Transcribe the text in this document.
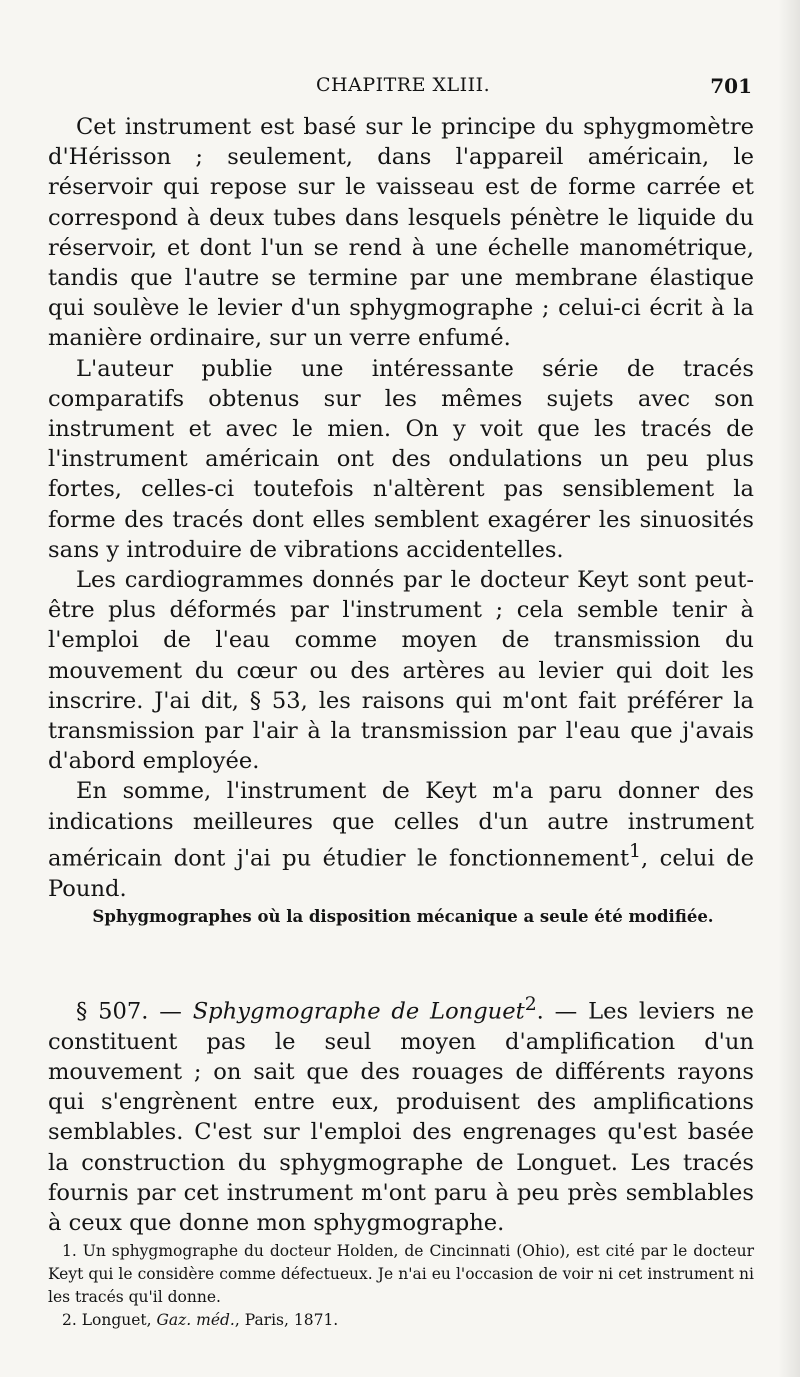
CHAPITRE XLIII.	701

Cet instrument est basé sur le principe du sphygmomètre d'Hérisson ; seulement, dans l'appareil américain, le réservoir qui repose sur le vaisseau est de forme carrée et correspond à deux tubes dans lesquels pénètre le liquide du réservoir, et dont l'un se rend à une échelle manométrique, tandis que l'autre se termine par une membrane élastique qui soulève le levier d'un sphygmographe ; celui-ci écrit à la manière ordinaire, sur un verre enfumé.

L'auteur publie une intéressante série de tracés comparatifs obtenus sur les mêmes sujets avec son instrument et avec le mien. On y voit que les tracés de l'instrument américain ont des ondulations un peu plus fortes, celles-ci toutefois n'altèrent pas sensiblement la forme des tracés dont elles semblent exagérer les sinuosités sans y introduire de vibrations accidentelles.

Les cardiogrammes donnés par le docteur Keyt sont peut-être plus déformés par l'instrument ; cela semble tenir à l'emploi de l'eau comme moyen de transmission du mouvement du cœur ou des artères au levier qui doit les inscrire. J'ai dit, § 53, les raisons qui m'ont fait préférer la transmission par l'air à la transmission par l'eau que j'avais d'abord employée.

En somme, l'instrument de Keyt m'a paru donner des indications meilleures que celles d'un autre instrument américain dont j'ai pu étudier le fonctionnement$^1$, celui de Pound.

Sphygmographes où la disposition mécanique a seule été modifiée.

§ 507. — Sphygmographe de Longuet$^2$. — Les leviers ne constituent pas le seul moyen d'amplification d'un mouvement ; on sait que des rouages de différents rayons qui s'engrènent entre eux, produisent des amplifications semblables. C'est sur l'emploi des engrenages qu'est basée la construction du sphygmographe de Longuet. Les tracés fournis par cet instrument m'ont paru à peu près semblables à ceux que donne mon sphygmographe.

1. Un sphygmographe du docteur Holden, de Cincinnati (Ohio), est cité par le docteur Keyt qui le considère comme défectueux. Je n'ai eu l'occasion de voir ni cet instrument ni les tracés qu'il donne.

2. Longuet, Gaz. méd., Paris, 1871.
